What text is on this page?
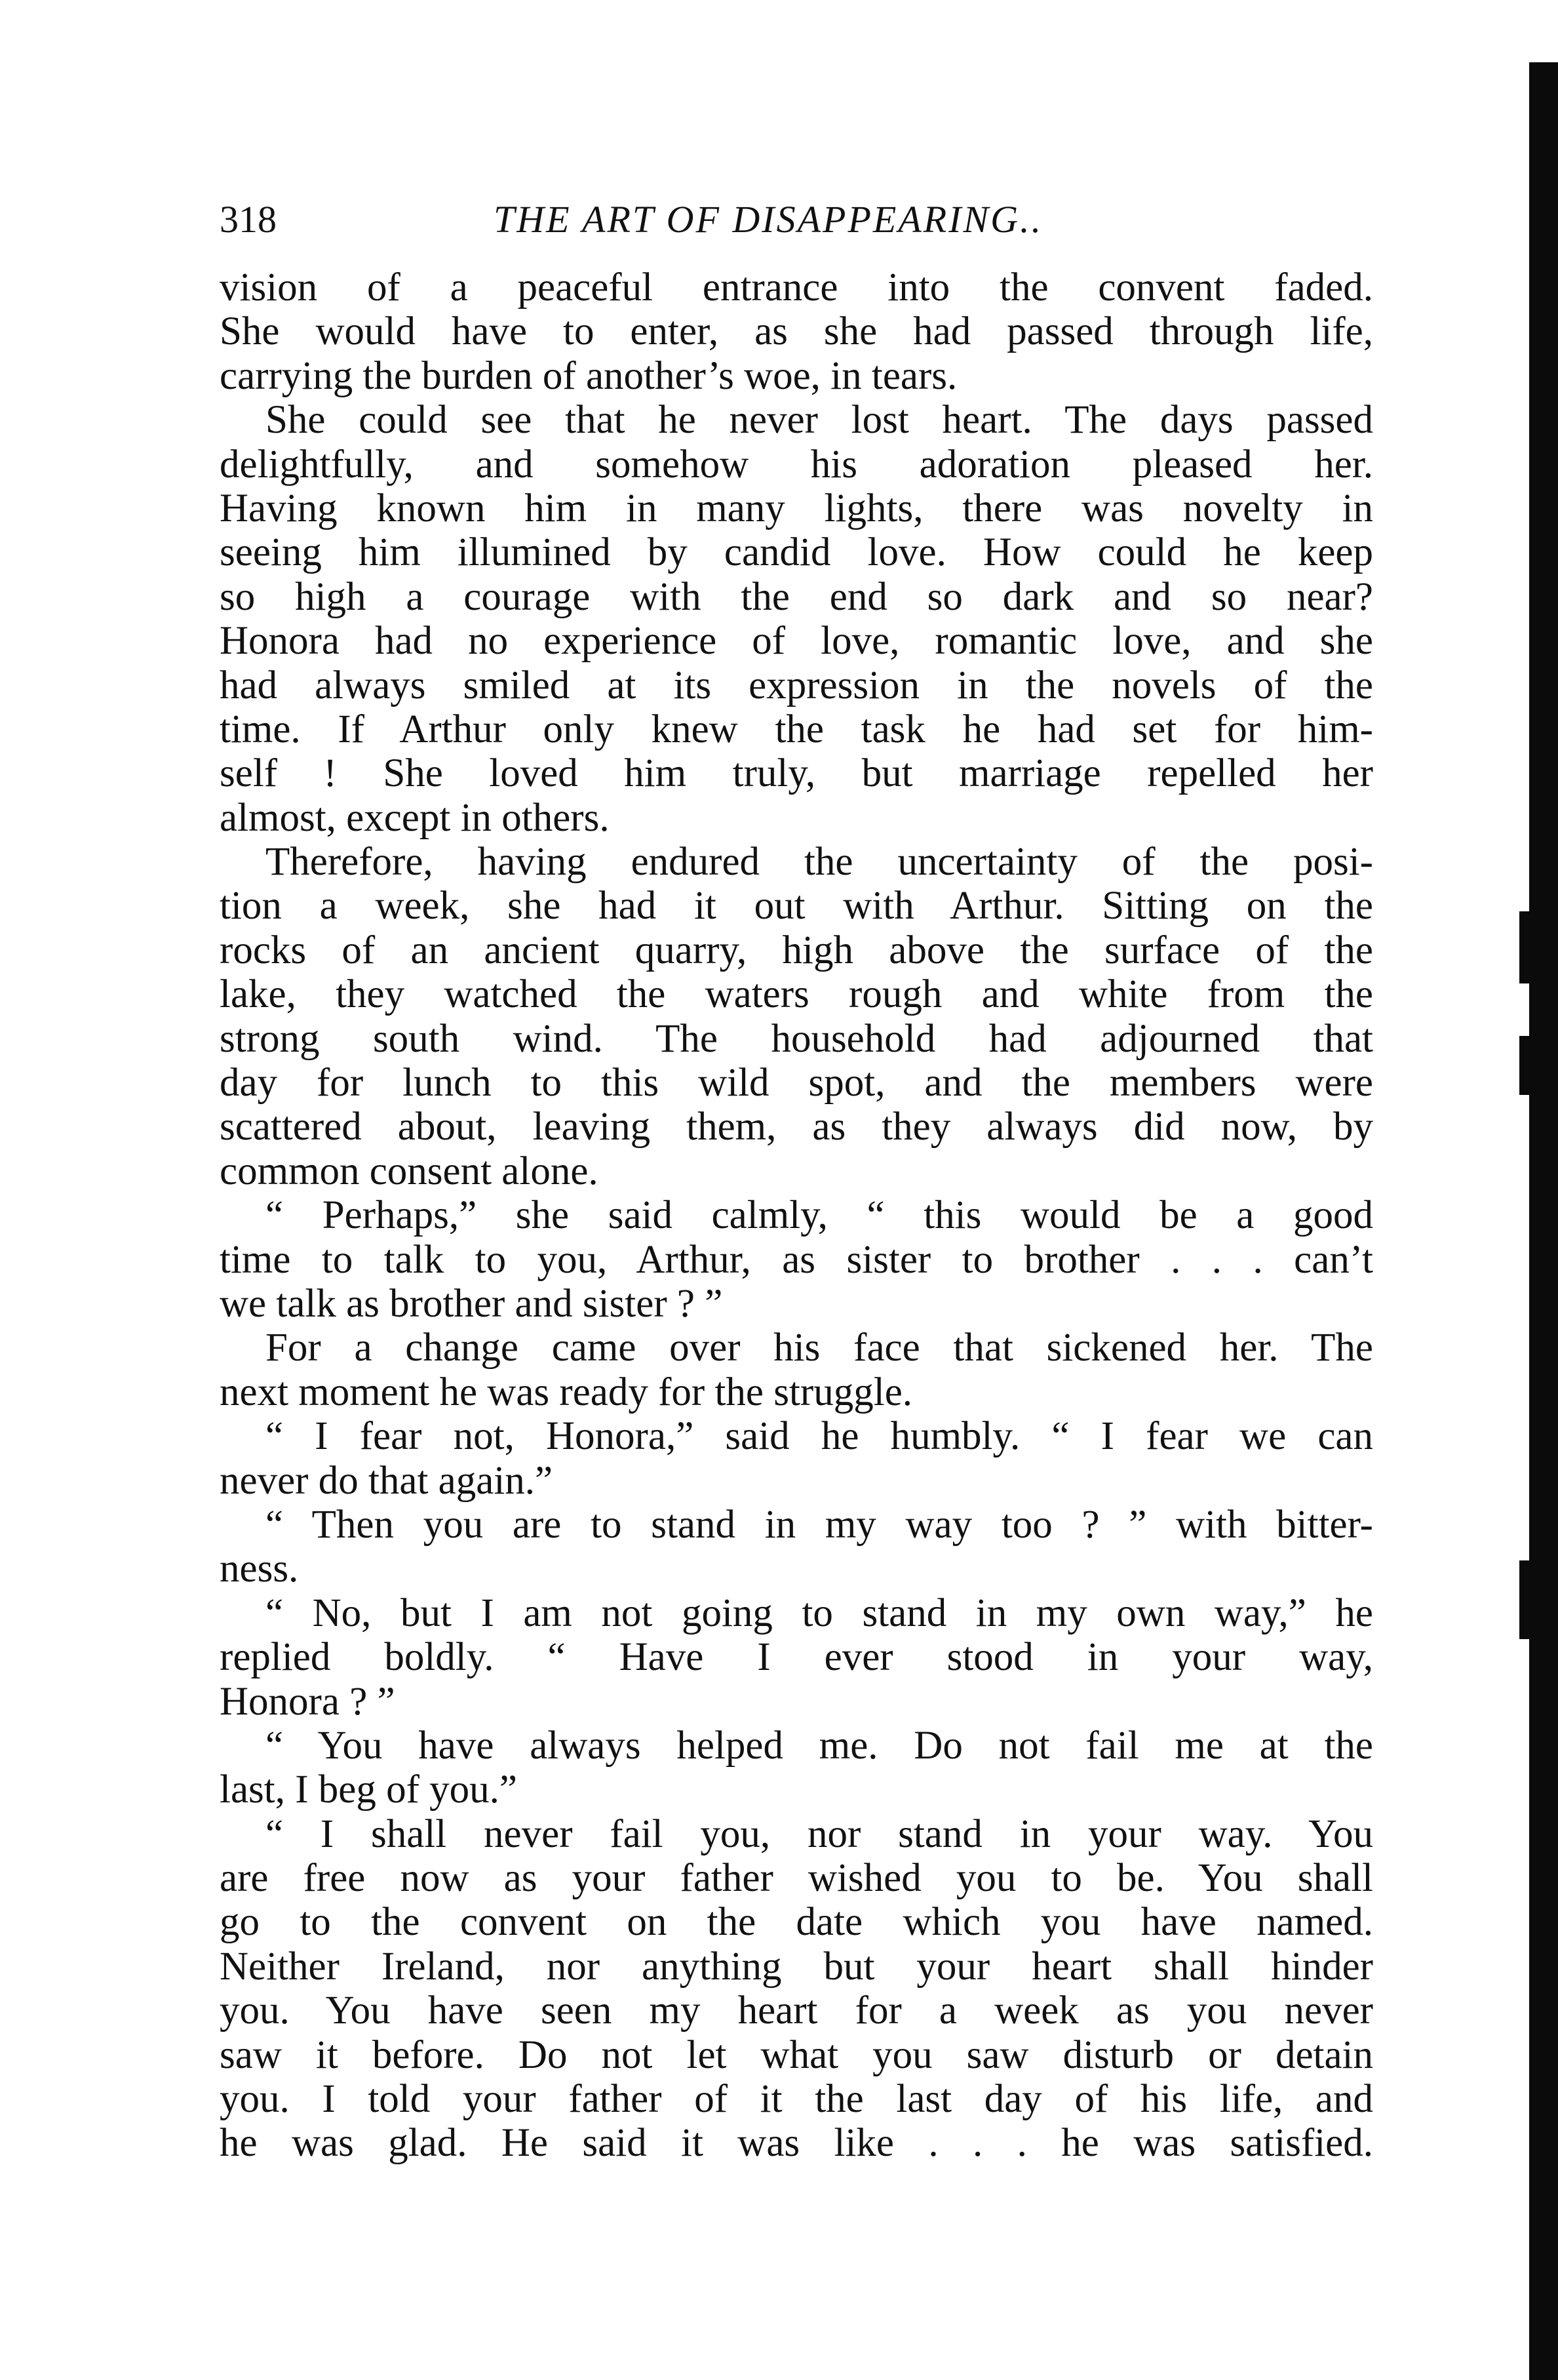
318	THE ART OF DISAPPEARING..
vision of a peaceful entrance into the convent faded.
She would have to enter, as she had passed through life,
carrying the burden of another’s woe, in tears.
She could see that he never lost heart. The days passed
delightfully, and somehow his adoration pleased her.
Having known him in many lights, there was novelty in
seeing him illumined by candid love. How could he keep
so high a courage with the end so dark and so near?
Honora had no experience of love, romantic love, and she
had always smiled at its expression in the novels of the
time. If Arthur only knew the task he had set for him-
self ! She loved him truly, but marriage repelled her
almost, except in others.
Therefore, having endured the uncertainty of the posi-
tion a week, she had it out with Arthur. Sitting on the
rocks of an ancient quarry, high above the surface of the
lake, they watched the waters rough and white from the
strong south wind. The household had adjourned that
day for lunch to this wild spot, and the members were
scattered about, leaving them, as they always did now, by
common consent alone.
“ Perhaps,” she said calmly, “ this would be a good
time to talk to you, Arthur, as sister to brother . . . can’t
we talk as brother and sister ? ”
For a change came over his face that sickened her. The
next moment he was ready for the struggle.
“ I fear not, Honora,” said he humbly. “ I fear we can
never do that again.”
“ Then you are to stand in my way too ? ” with bitter-
ness.
“ No, but I am not going to stand in my own way,” he
replied boldly. “ Have I ever stood in your way,
Honora ? ”
“ You have always helped me. Do not fail me at the
last, I beg of you.”
“ I shall never fail you, nor stand in your way. You
are free now as your father wished you to be. You shall
go to the convent on the date which you have named.
Neither Ireland, nor anything but your heart shall hinder
you. You have seen my heart for a week as you never
saw it before. Do not let what you saw disturb or detain
you. I told your father of it the last day of his life, and
he was glad. He said it was like . . . he was satisfied.
